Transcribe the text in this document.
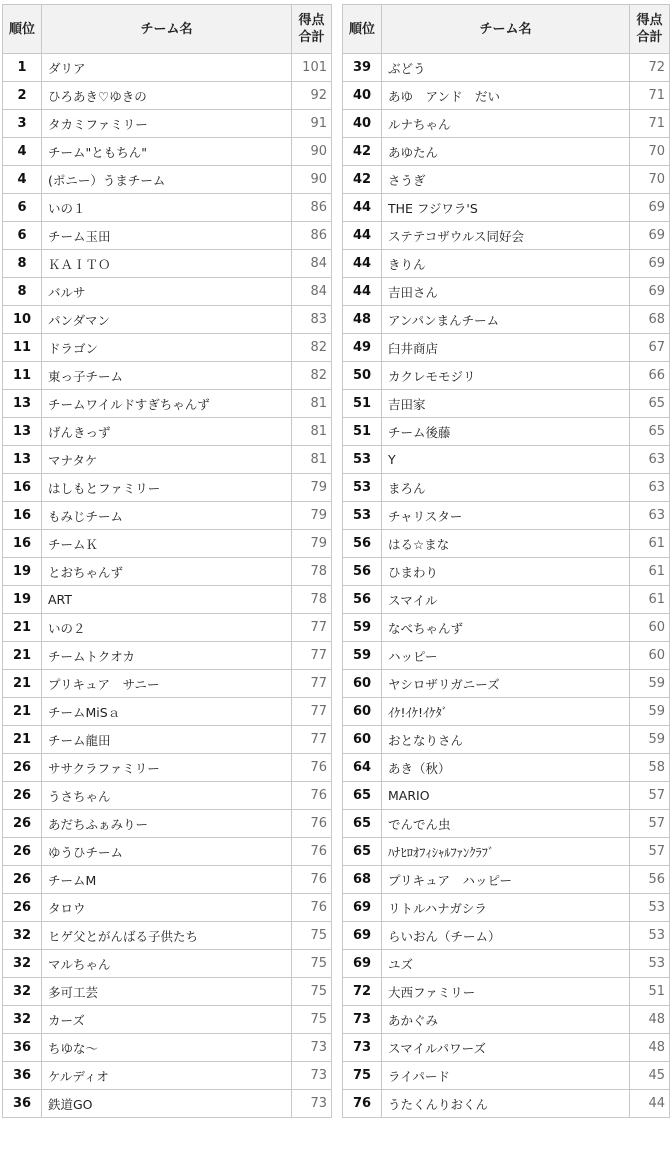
順位	チーム名	得点
合計
1	ダリア	101
2	ひろあき♡ゆきの	92
3	タカミファミリー	91
4	チーム"ともちん"	90
4	(ポニー）うまチーム	90
6	いの１	86
6	チーム玉田	86
8	ＫＡＩＴＯ	84
8	バルサ	84
10	パンダマン	83
11	ドラゴン	82
11	東っ子チーム	82
13	チームワイルドすぎちゃんず	81
13	げんきっず	81
13	マナタケ	81
16	はしもとファミリー	79
16	もみじチーム	79
16	チームＫ	79
19	とおちゃんず	78
19	ART	78
21	いの２	77
21	チームトクオカ	77
21	プリキュア　サニー	77
21	チームMiSａ	77
21	チーム龍田	77
26	ササクラファミリー	76
26	うさちゃん	76
26	あだちふぁみりー	76
26	ゆうひチーム	76
26	チームM	76
26	タロウ	76
32	ヒゲ父とがんばる子供たち	75
32	マルちゃん	75
32	多可工芸	75
32	カーズ	75
36	ちゆな〜	73
36	ケルディオ	73
36	鉄道GO	73
順位	チーム名	得点
合計
39	ぶどう	72
40	あゆ　アンド　だい	71
40	ルナちゃん	71
42	あゆたん	70
42	さうぎ	70
44	THE フジワラ'S	69
44	ステテコザウルス同好会	69
44	きりん	69
44	吉田さん	69
48	アンパンまんチーム	68
49	臼井商店	67
50	カクレモモジリ	66
51	吉田家	65
51	チーム後藤	65
53	Y	63
53	まろん	63
53	チャリスター	63
56	はる☆まな	61
56	ひまわり	61
56	スマイル	61
59	なべちゃんず	60
59	ハッピー	60
60	ヤシロザリガニーズ	59
60	ｲｹ!ｲｹ!ｲｹﾀﾞ	59
60	おとなりさん	59
64	あき（秋）	58
65	MARIO	57
65	でんでん虫	57
65	ﾊﾅﾋﾛｵﾌｨｼｬﾙﾌｧﾝｸﾗﾌﾞ	57
68	プリキュア　ハッピー	56
69	リトルハナガシラ	53
69	らいおん（チーム）	53
69	ユズ	53
72	大西ファミリー	51
73	あかぐみ	48
73	スマイルパワーズ	48
75	ライパード	45
76	うたくんりおくん	44
